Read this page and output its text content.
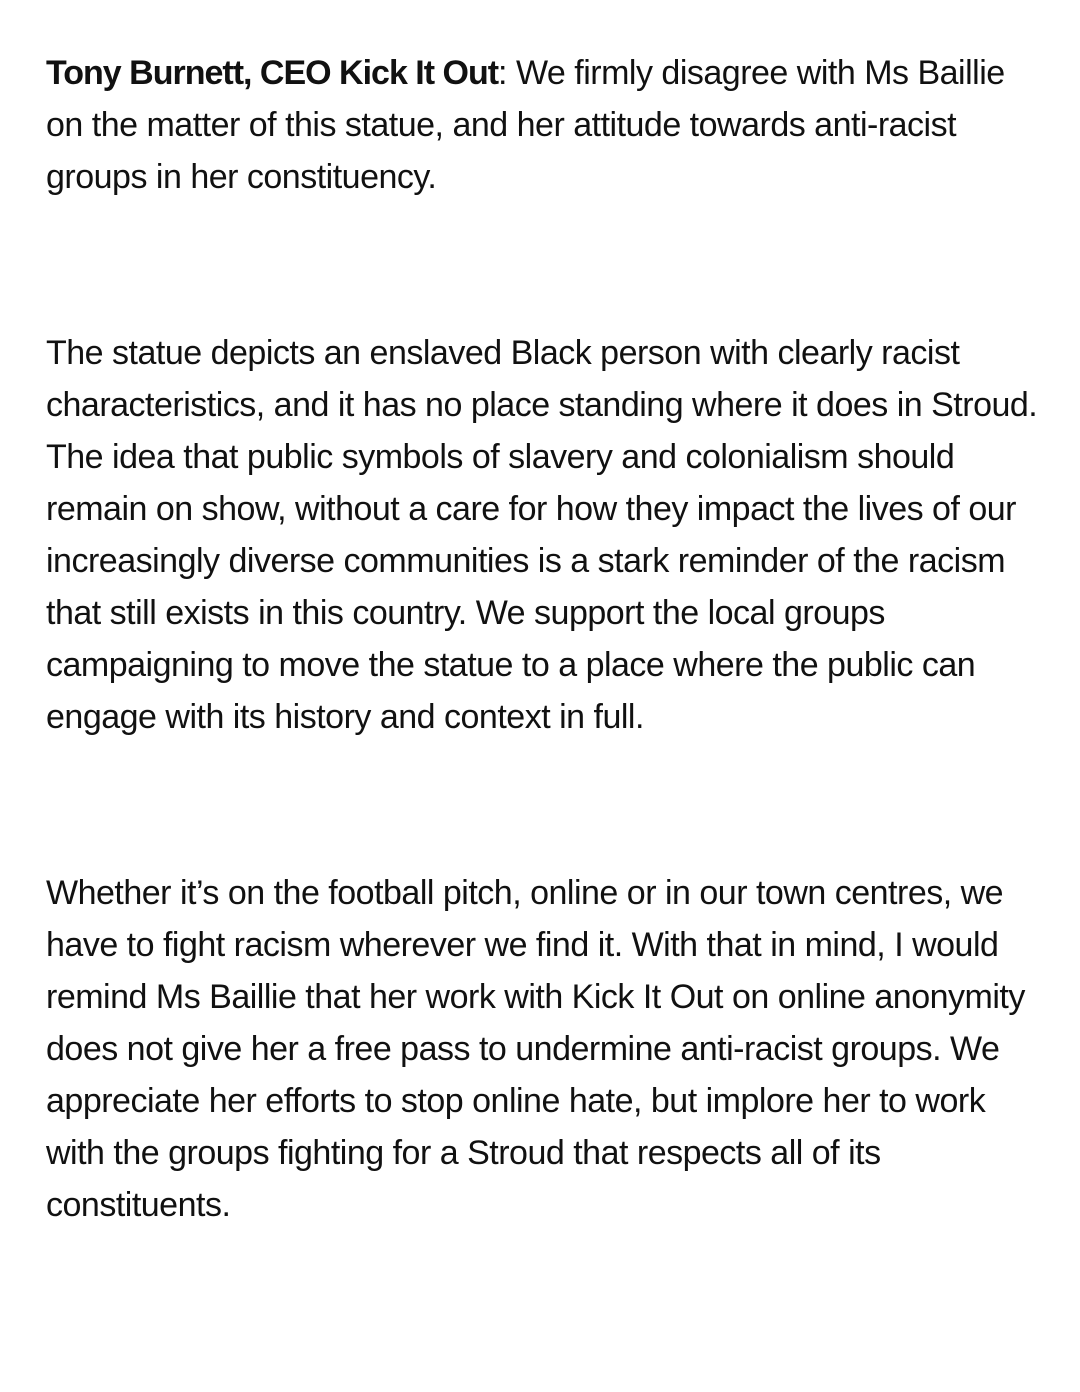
Tony Burnett, CEO Kick It Out: We firmly disagree with Ms Baillie on the matter of this statue, and her attitude towards anti-racist groups in her constituency.

The statue depicts an enslaved Black person with clearly racist characteristics, and it has no place standing where it does in Stroud. The idea that public symbols of slavery and colonialism should remain on show, without a care for how they impact the lives of our increasingly diverse communities is a stark reminder of the racism that still exists in this country. We support the local groups campaigning to move the statue to a place where the public can engage with its history and context in full.

Whether it’s on the football pitch, online or in our town centres, we have to fight racism wherever we find it. With that in mind, I would remind Ms Baillie that her work with Kick It Out on online anonymity does not give her a free pass to undermine anti-racist groups. We appreciate her efforts to stop online hate, but implore her to work with the groups fighting for a Stroud that respects all of its constituents.
